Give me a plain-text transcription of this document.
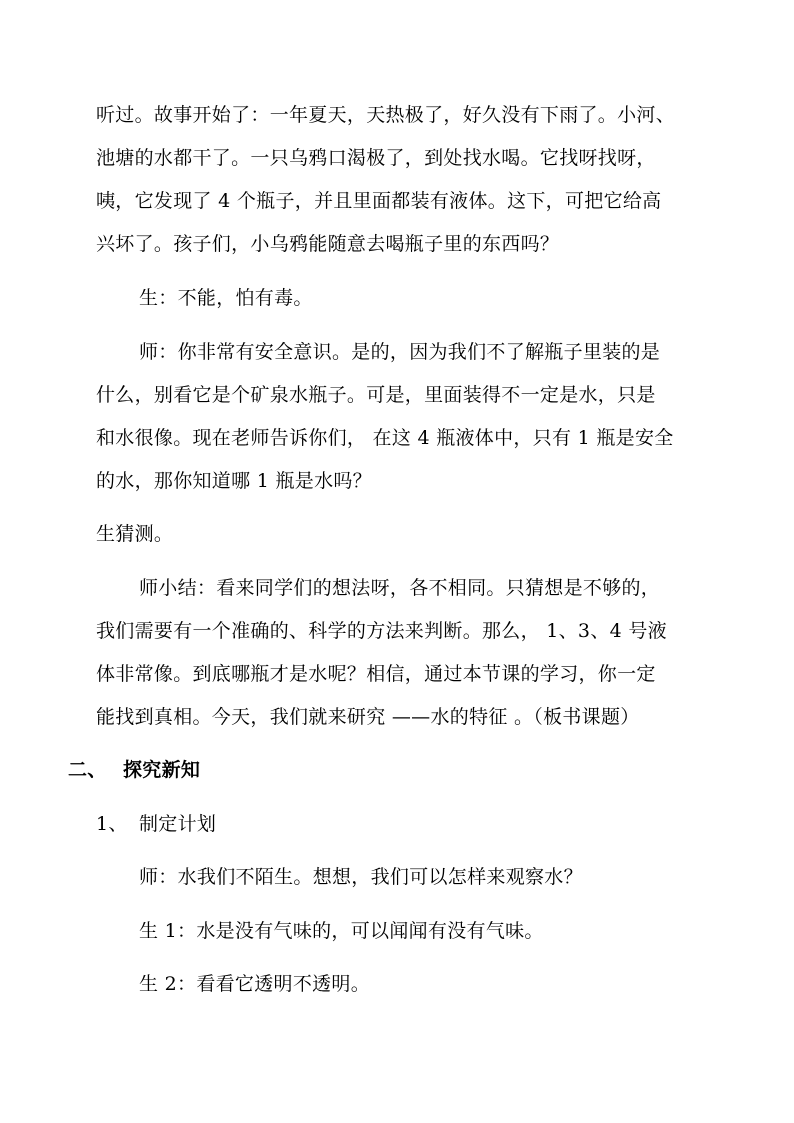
听过。故事开始了：一年夏天，天热极了，好久没有下雨了。小河、
池塘的水都干了。一只乌鸦口渴极了，到处找水喝。它找呀找呀，
咦，它发现了 4 个瓶子，并且里面都装有液体。这下，可把它给高
兴坏了。孩子们，小乌鸦能随意去喝瓶子里的东西吗？
生：不能，怕有毒。
师：你非常有安全意识。是的，因为我们不了解瓶子里装的是
什么，别看它是个矿泉水瓶子。可是，里面装得不一定是水，只是
和水很像。现在老师告诉你们， 在这 4 瓶液体中，只有 1 瓶是安全
的水，那你知道哪 1 瓶是水吗？
生猜测。
师小结：看来同学们的想法呀，各不相同。只猜想是不够的，
我们需要有一个准确的、科学的方法来判断。那么， 1、3、4 号液
体非常像。到底哪瓶才是水呢？相信，通过本节课的学习，你一定
能找到真相。今天，我们就来研究 ——水的特征 。（板书课题）
二、 探究新知
1、 制定计划
师：水我们不陌生。想想，我们可以怎样来观察水？
生 1：水是没有气味的，可以闻闻有没有气味。
生 2：看看它透明不透明。
